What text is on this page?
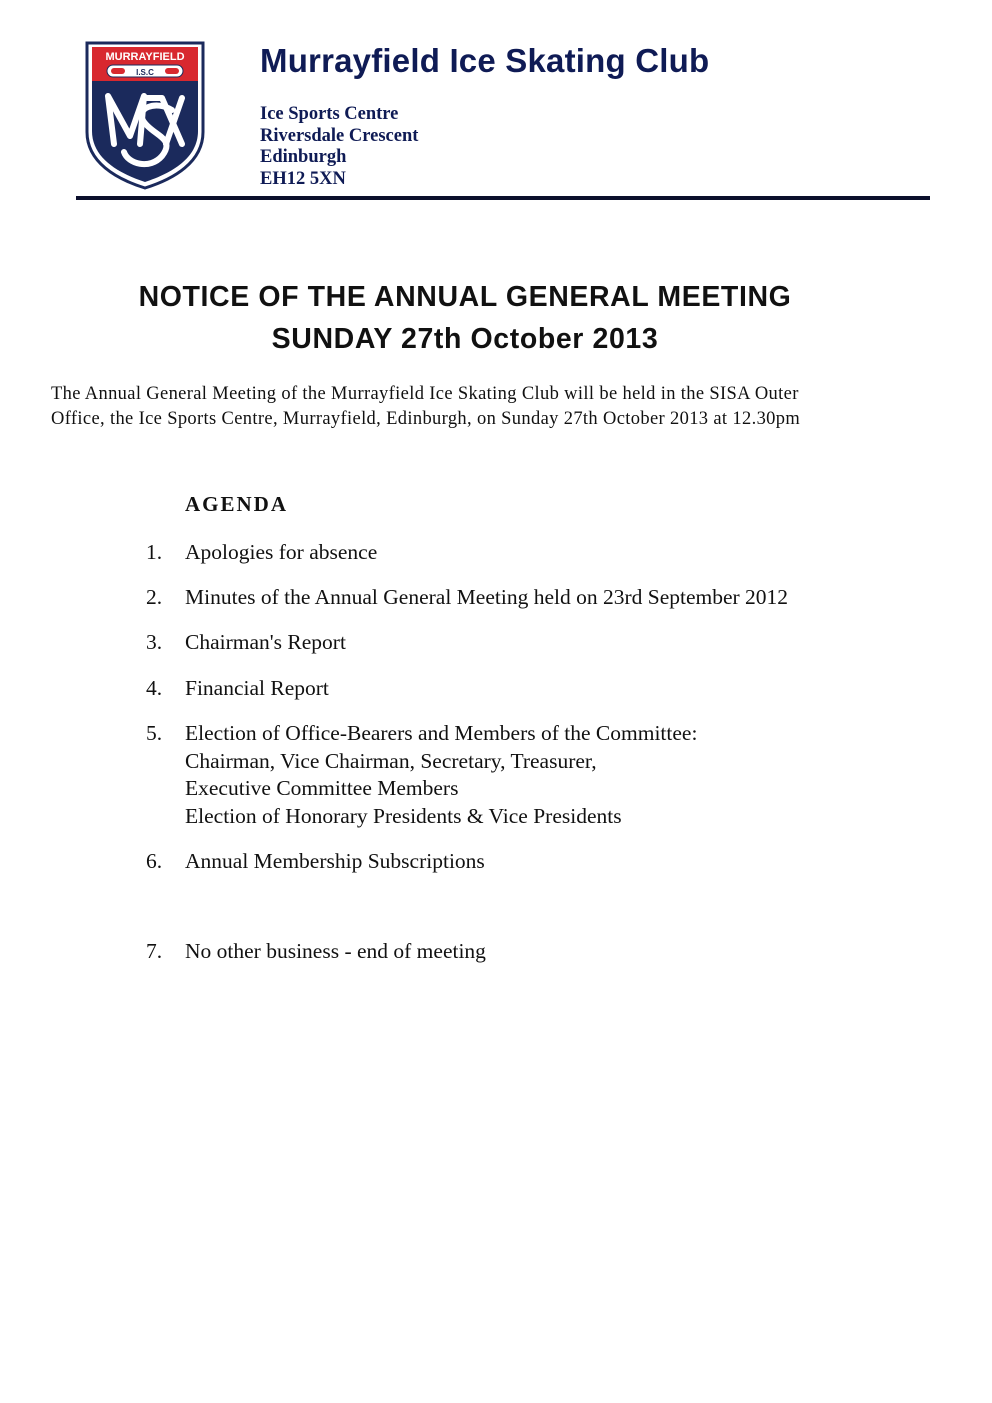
MURRAYFIELD
I.S.C	Murrayfield Ice Skating Club
Ice Sports Centre
Riversdale Crescent
Edinburgh
EH12 5XN
NOTICE OF THE ANNUAL GENERAL MEETING
SUNDAY 27th October 2013
The Annual General Meeting of the Murrayfield Ice Skating Club will be held in the SISA Outer
Office, the Ice Sports Centre, Murrayfield, Edinburgh, on Sunday 27th October 2013 at 12.30pm
AGENDA
1.	Apologies for absence
2.	Minutes of the Annual General Meeting held on 23rd September 2012
3.	Chairman's Report
4.	Financial Report
5.	Election of Office-Bearers and Members of the Committee:
Chairman, Vice Chairman, Secretary, Treasurer,
Executive Committee Members
Election of Honorary Presidents & Vice Presidents
6.	Annual Membership Subscriptions
7.	No other business - end of meeting
